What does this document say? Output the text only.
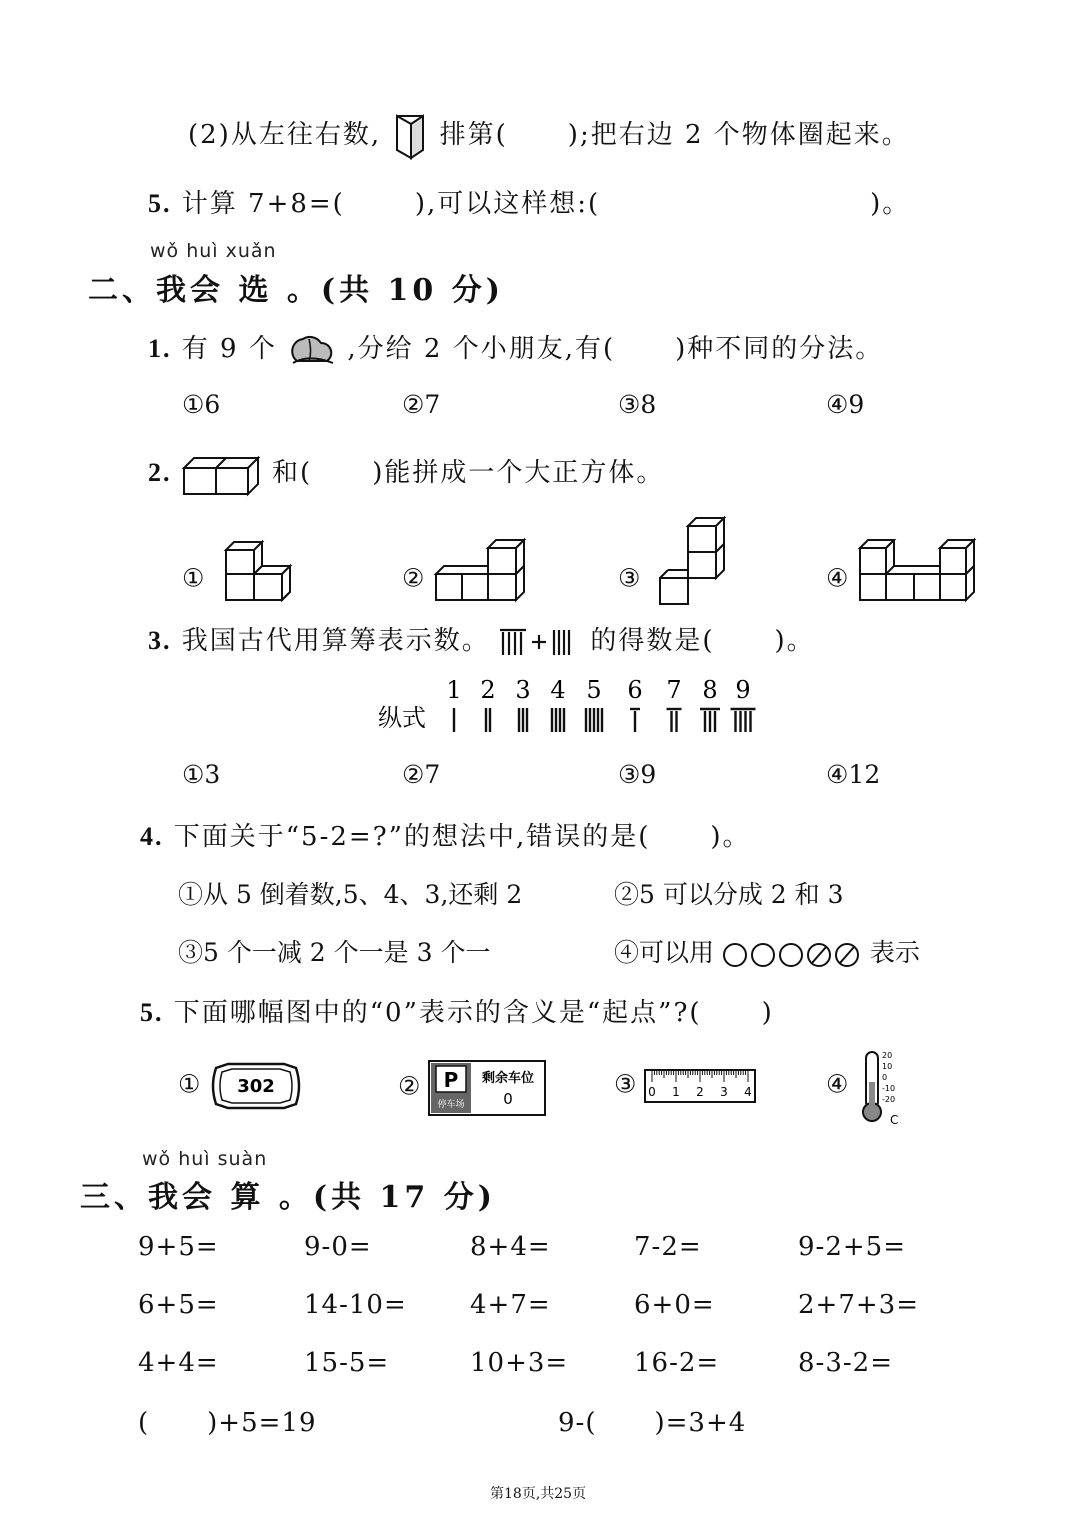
(2)从左往右数, 排第( );把右边 2 个物体圈起来。
5. 计算 7+8=(	),可以这样想:(	)。
wǒ huì xuǎn
二、我会 选 。(共 10 分)
1. 有 9 个	,分给 2 个小朋友,有( )种不同的分法。
①6	②7	③8	④9
2.	和( )能拼成一个大正方体。
①	②	③	④
3. 我国古代用算筹表示数。	的得数是( )。
纵式
1 2 3 4 5 6 7 8 9
①3	②7	③9	④12
4. 下面关于“5-2=?”的想法中,错误的是( )。
①从 5 倒着数,5、4、3,还剩 2	②5 可以分成 2 和 3
③5 个一减 2 个一是 3 个一	④可以用	表示
5. 下面哪幅图中的“0”表示的含义是“起点”?( )
① 302	② P
停车场
剩余车位
0
③ 0 1 2 3 4	④
20
10
0
-10
-20
C
wǒ huì suàn
三、我会 算 。(共 17 分)
9+5=	9-0=	8+4=	7-2=	9-2+5=
6+5=	14-10= 4+7=	6+0=	2+7+3=
4+4=	15-5=	10+3=	16-2=	8-3-2=
( )+5=19	9-( )=3+4
第18页,共25页
